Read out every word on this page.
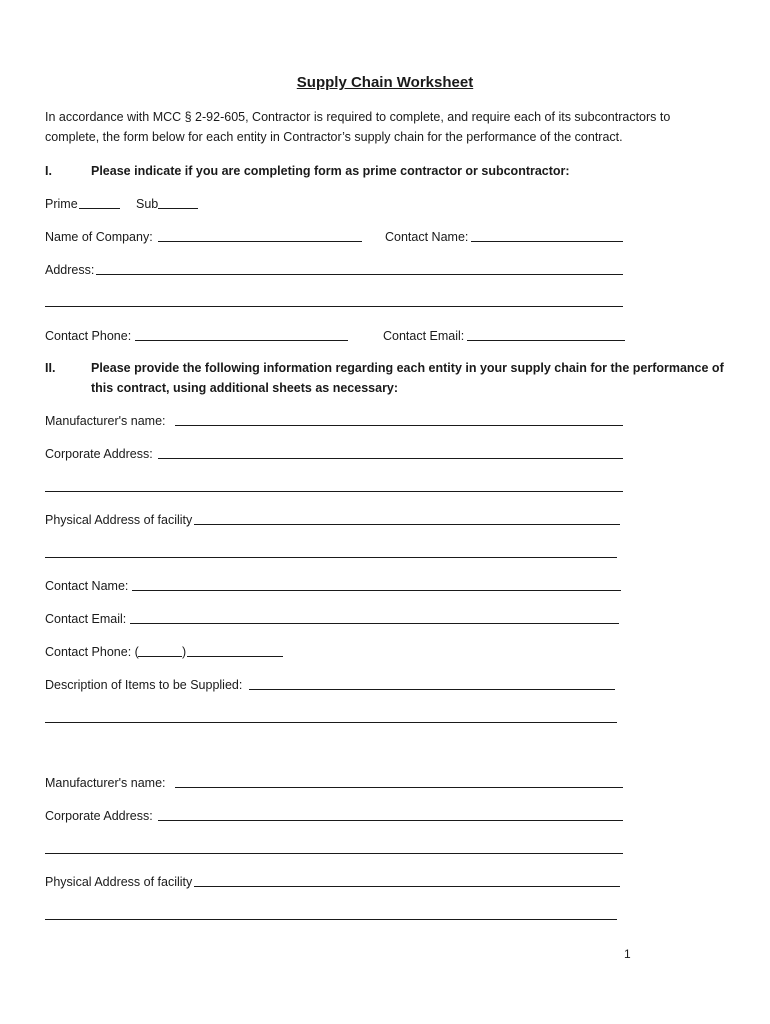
Supply Chain Worksheet
In accordance with MCC § 2-92-605, Contractor is required to complete, and require each of its subcontractors to complete, the form below for each entity in Contractor’s supply chain for the performance of the contract.
I.	Please indicate if you are completing form as prime contractor or subcontractor:
Prime	Sub
Name of Company:	Contact Name:
Address:
Contact Phone:	Contact Email:
II.	Please provide the following information regarding each entity in your supply chain for the performance of
this contract, using additional sheets as necessary:
Manufacturer's name:
Corporate Address:
Physical Address of facility
Contact Name:
Contact Email:
Contact Phone: (	)
Description of Items to be Supplied:
Manufacturer's name:
Corporate Address:
Physical Address of facility
1
